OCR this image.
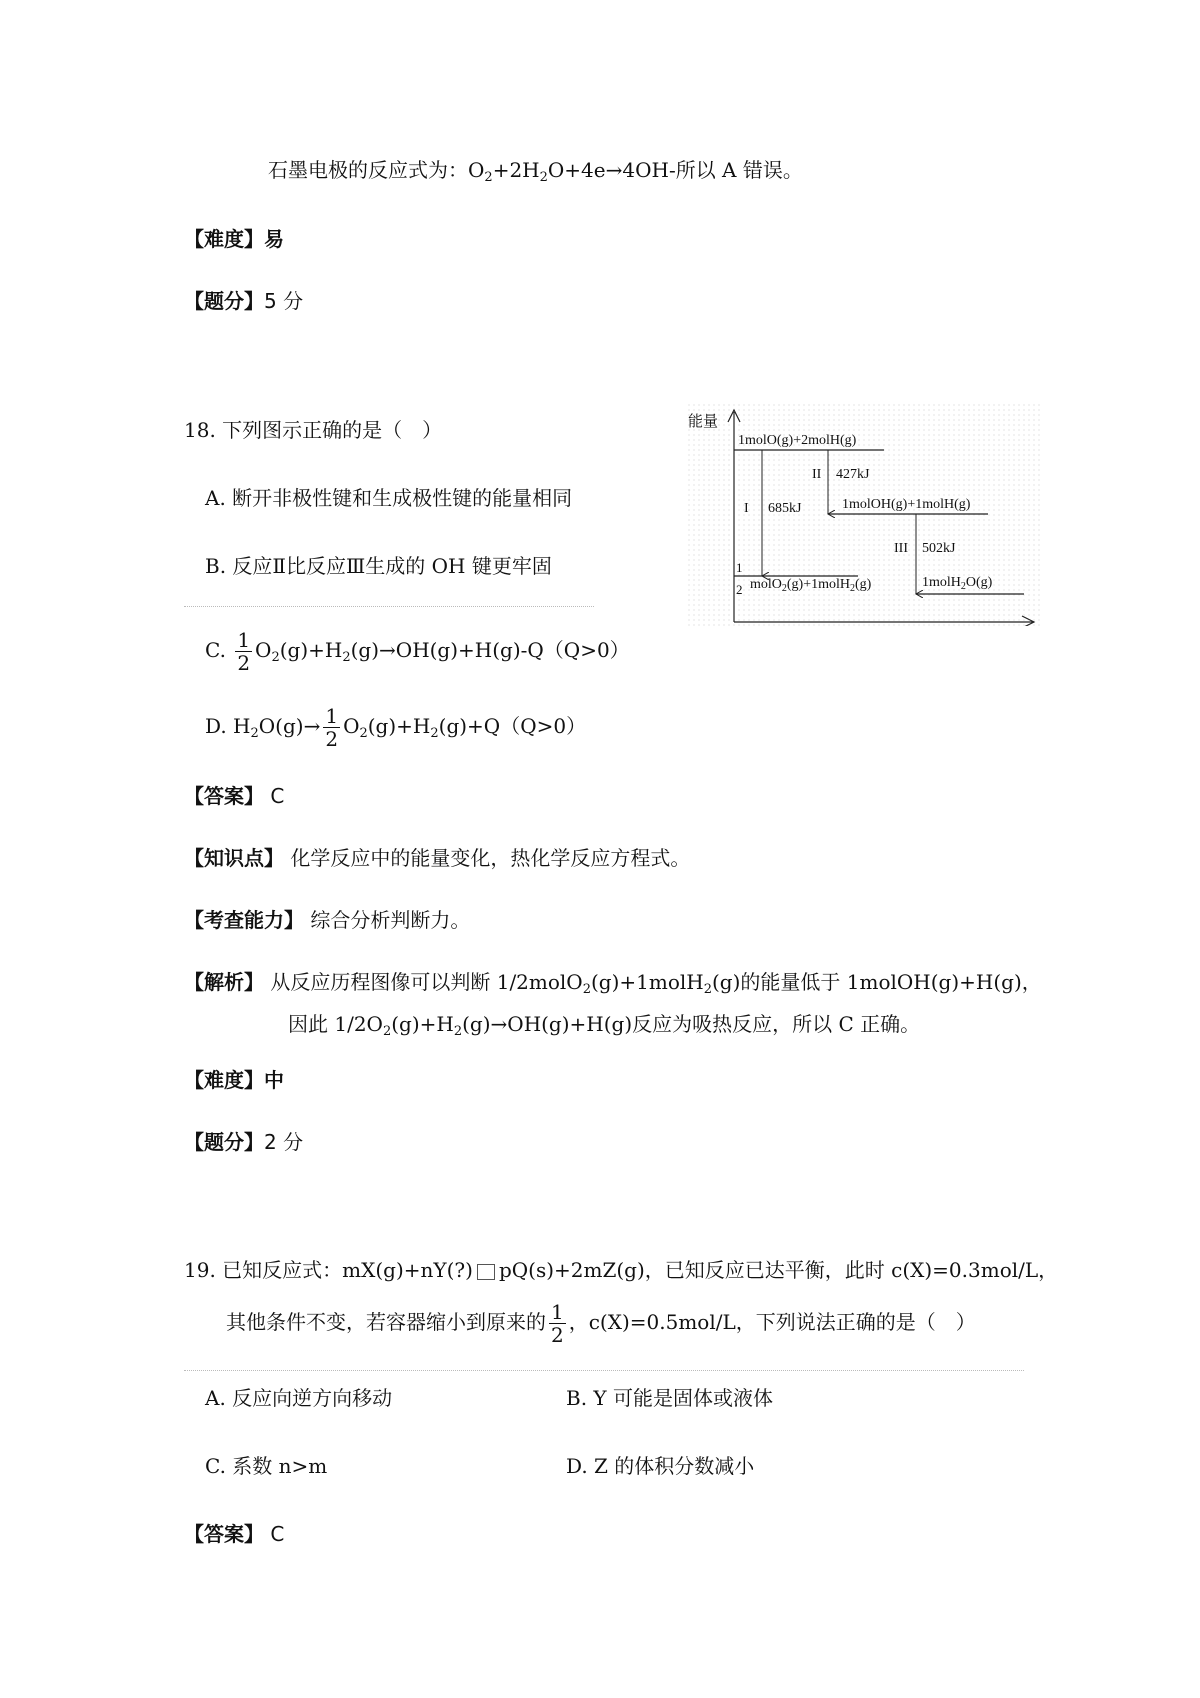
石墨电极的反应式为：$O_2+2H_2O+4e\to 4OH-$所以 A 错误。
【难度】易
【题分】5 分
18. 下列图示正确的是（　）
A. 断开非极性键和生成极性键的能量相同
B. 反应Ⅱ比反应Ⅲ生成的 OH 键更牢固
C. $\frac{1}{2} O_2(g)+H_2(g)\to OH(g)+H(g)-Q(Q>0)$
D. $H_2O(g)\to \frac{1}{2} O_2(g)+H_2(g)+Q(Q>0)$
【答案】 C
【知识点】 化学反应中的能量变化，热化学反应方程式。
【考查能力】 综合分析判断力。
【解析】 从反应历程图像可以判断 1/2molO$_2$(g)+1molH$_2$(g)的能量低于 1molOH(g)+H(g)，
因此 $1/2O_2(g)+H_2(g)\to OH(g)+H(g)$反应为吸热反应，所以 C 正确。
【难度】中
【题分】2 分
能量
1molO(g)+2molH(g)
1molOH(g)+1molH(g)
I 685kJ
II 427kJ
III 502kJ
1
2 molO$_2$(g)+1molH$_2$(g)	1molH$_2$O(g)
19. 已知反应式：mX(g)+nY(?) pQ(s)+2mZ(g)，已知反应已达平衡，此时 c(X)=0.3mol/L，
其他条件不变，若容器缩小到原来的 $\frac{1}{2}$ ，c(X)=0.5mol/L，下列说法正确的是（　）
A. 反应向逆方向移动	B. Y 可能是固体或液体
C. 系数 n>m	D. Z 的体积分数减小
【答案】 C
